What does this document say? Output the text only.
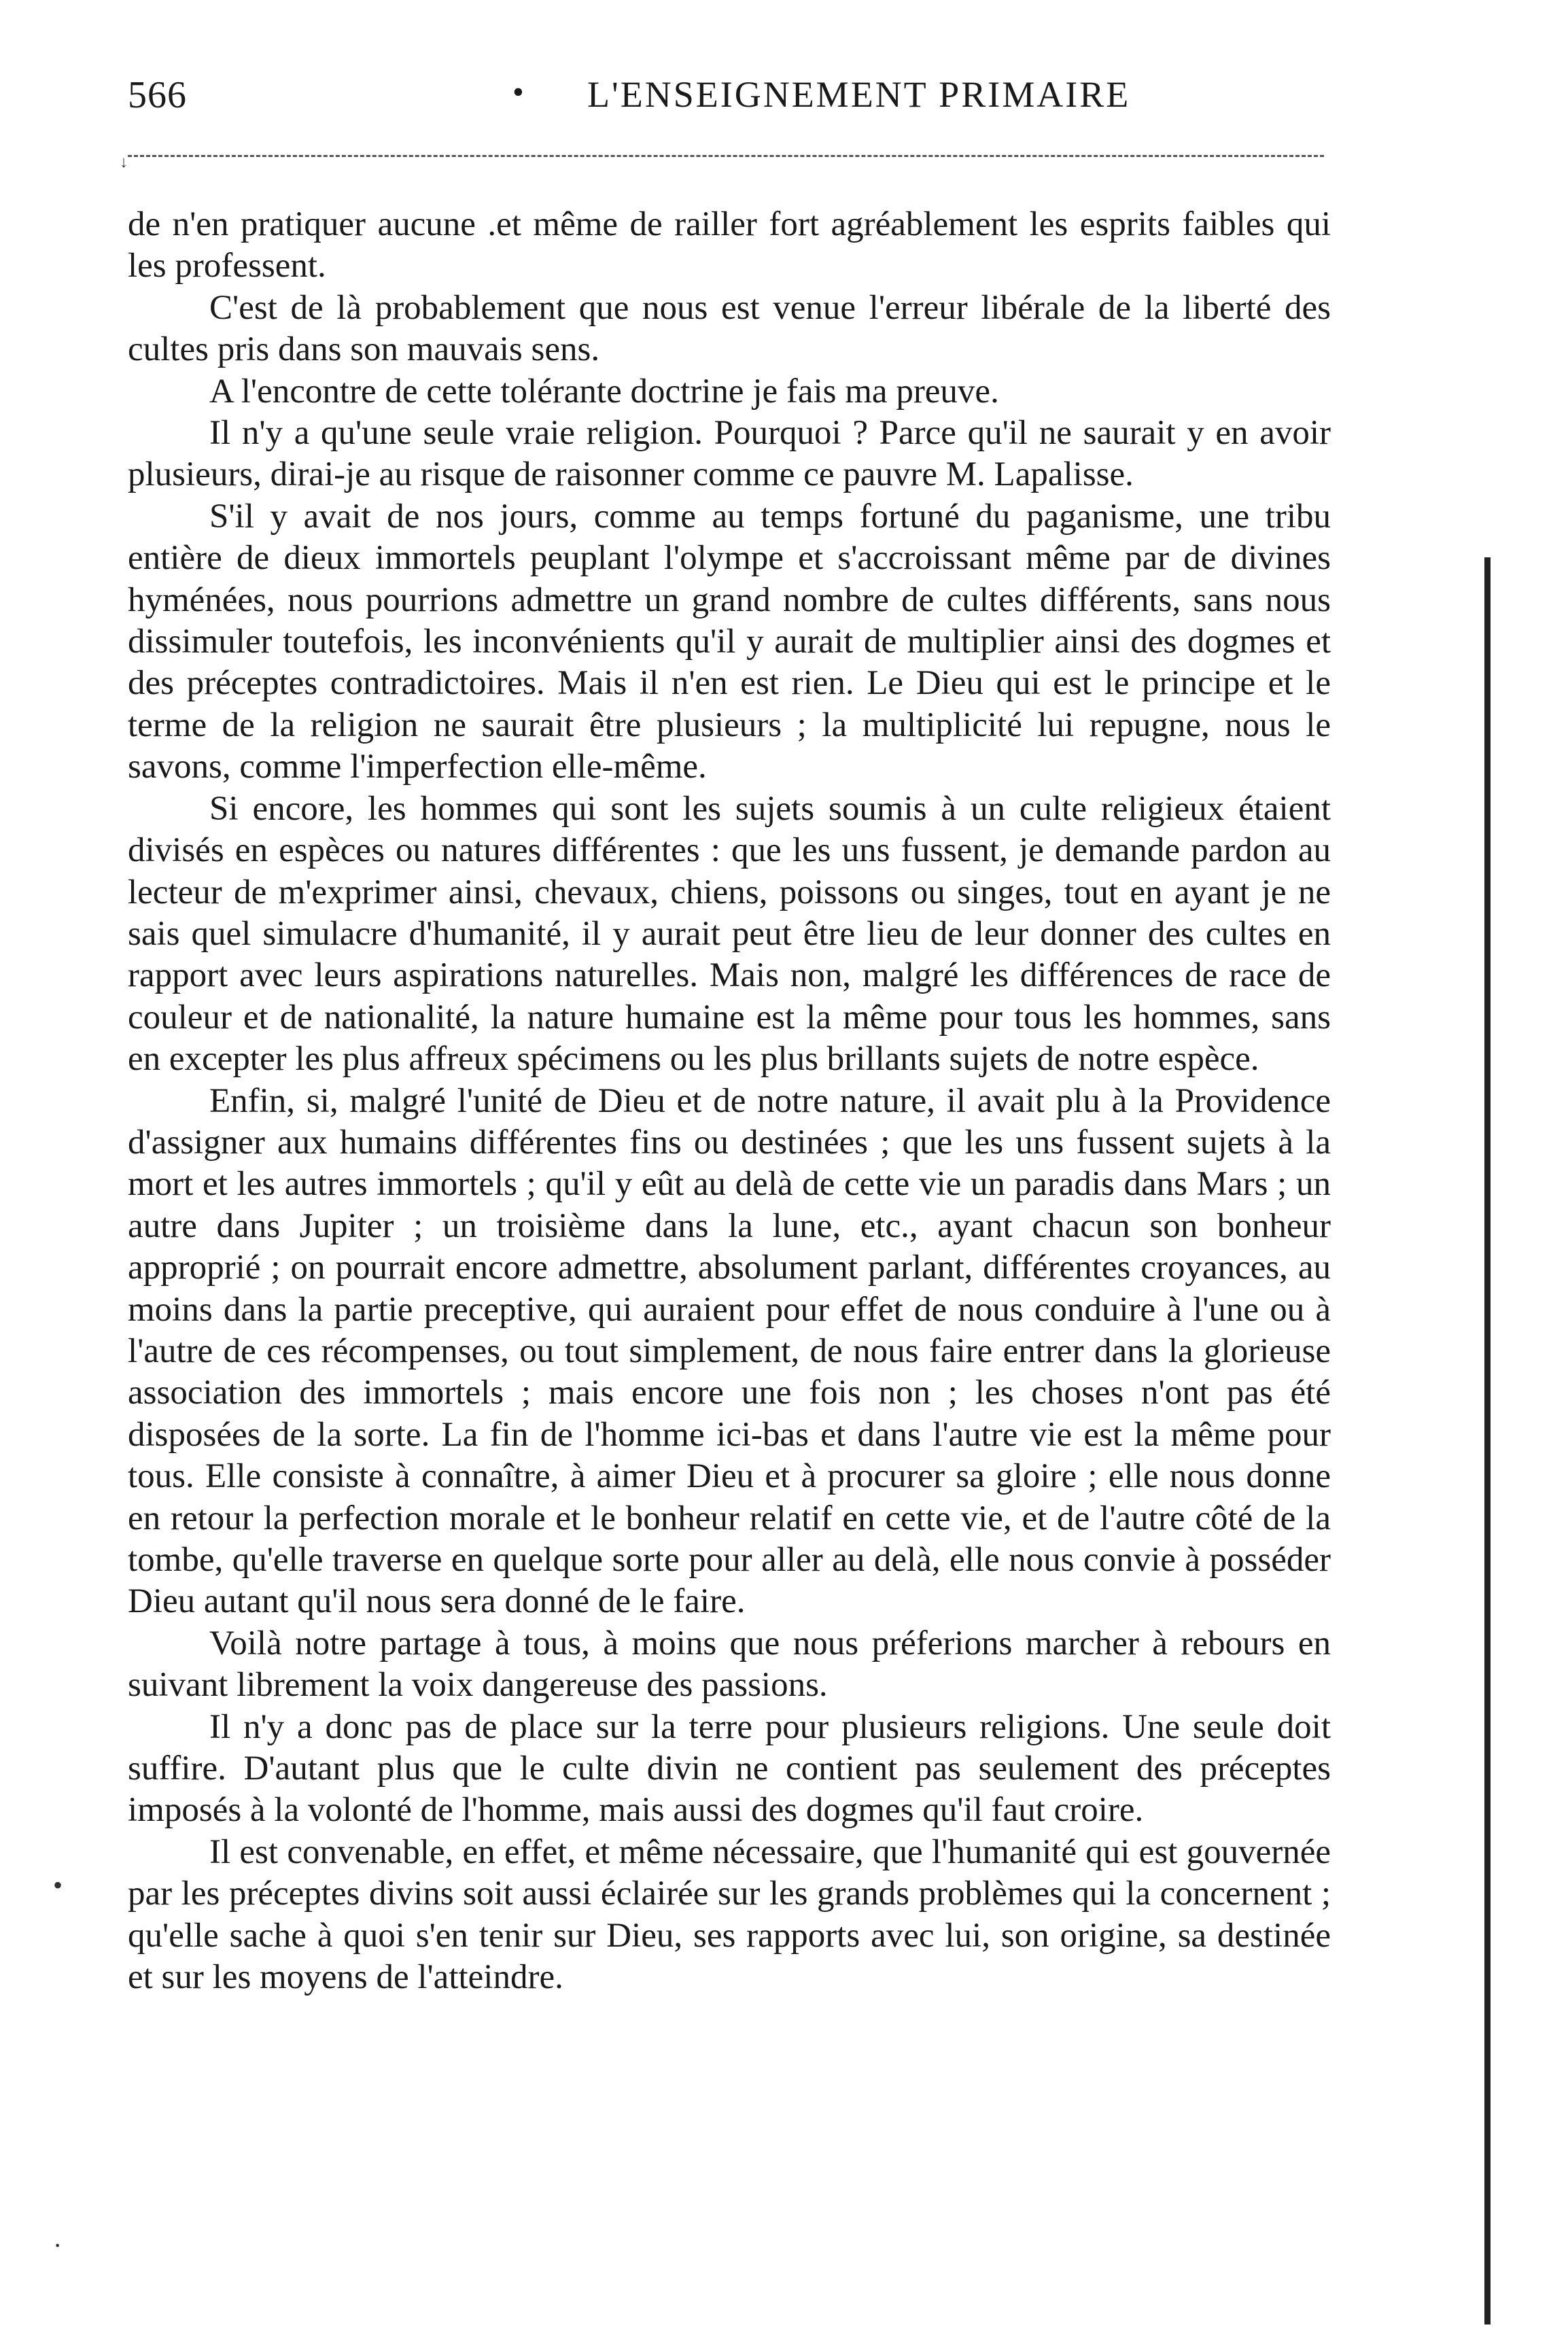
566	• L'ENSEIGNEMENT PRIMAIRE
↓

de n'en pratiquer aucune .et même de railler fort agréablement les esprits faibles qui les professent.

C'est de là probablement que nous est venue l'erreur libérale de la liberté des cultes pris dans son mauvais sens.

A l'encontre de cette tolérante doctrine je fais ma preuve.

Il n'y a qu'une seule vraie religion. Pourquoi ? Parce qu'il ne saurait y en avoir plusieurs, dirai-je au risque de raisonner comme ce pauvre M. Lapalisse.

S'il y avait de nos jours, comme au temps fortuné du paganisme, une tribu entière de dieux immortels peuplant l'olympe et s'accroissant même par de divines hyménées, nous pourrions admettre un grand nombre de cultes différents, sans nous dissimuler toutefois, les inconvénients qu'il y aurait de multiplier ainsi des dogmes et des préceptes contradictoires. Mais il n'en est rien. Le Dieu qui est le principe et le terme de la religion ne saurait être plusieurs ; la multiplicité lui repugne, nous le savons, comme l'imperfection elle-même.

Si encore, les hommes qui sont les sujets soumis à un culte religieux étaient divisés en espèces ou natures différentes : que les uns fussent, je demande pardon au lecteur de m'exprimer ainsi, chevaux, chiens, poissons ou singes, tout en ayant je ne sais quel simulacre d'humanité, il y aurait peut être lieu de leur donner des cultes en rapport avec leurs aspirations naturelles. Mais non, malgré les différences de race de couleur et de nationalité, la nature humaine est la même pour tous les hommes, sans en excepter les plus affreux spécimens ou les plus brillants sujets de notre espèce.

Enfin, si, malgré l'unité de Dieu et de notre nature, il avait plu à la Providence d'assigner aux humains différentes fins ou destinées ; que les uns fussent sujets à la mort et les autres immortels ; qu'il y eût au delà de cette vie un paradis dans Mars ; un autre dans Jupiter ; un troisième dans la lune, etc., ayant chacun son bonheur approprié ; on pourrait encore admettre, absolument parlant, différentes croyances, au moins dans la partie preceptive, qui auraient pour effet de nous conduire à l'une ou à l'autre de ces récompenses, ou tout simplement, de nous faire entrer dans la glorieuse association des immortels ; mais encore une fois non ; les choses n'ont pas été disposées de la sorte. La fin de l'homme ici-bas et dans l'autre vie est la même pour tous. Elle consiste à connaître, à aimer Dieu et à procurer sa gloire ; elle nous donne en retour la perfection morale et le bonheur relatif en cette vie, et de l'autre côté de la tombe, qu'elle traverse en quelque sorte pour aller au delà, elle nous convie à posséder Dieu autant qu'il nous sera donné de le faire.

Voilà notre partage à tous, à moins que nous préferions marcher à rebours en suivant librement la voix dangereuse des passions.

Il n'y a donc pas de place sur la terre pour plusieurs religions. Une seule doit suffire. D'autant plus que le culte divin ne contient pas seulement des préceptes imposés à la volonté de l'homme, mais aussi des dogmes qu'il faut croire.

Il est convenable, en effet, et même nécessaire, que l'humanité qui est gouvernée par les préceptes divins soit aussi éclairée sur les grands problèmes qui la concernent ; qu'elle sache à quoi s'en tenir sur Dieu, ses rapports avec lui, son origine, sa destinée et sur les moyens de l'atteindre.

•
·
